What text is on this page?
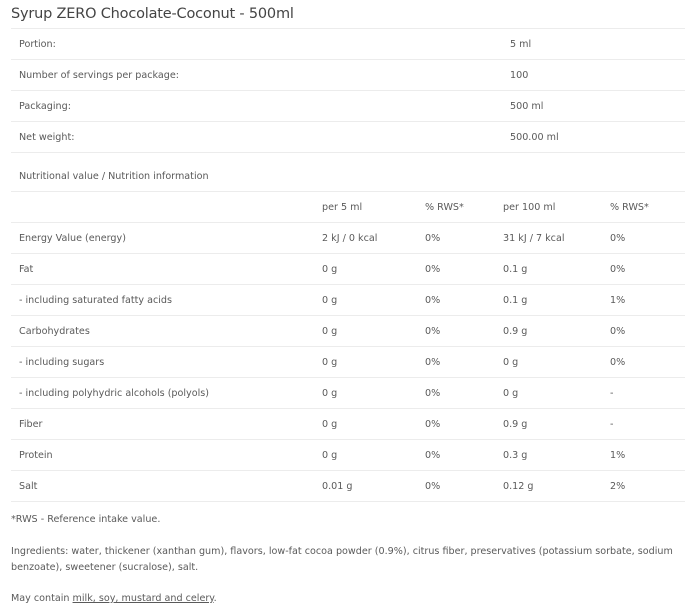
Syrup ZERO Chocolate-Coconut - 500ml
Portion:	5 ml
Number of servings per package:	100
Packaging:	500 ml
Net weight:	500.00 ml
Nutritional value / Nutrition information				
	per 5 ml	% RWS*	per 100 ml	% RWS*
Energy Value (energy)	2 kJ / 0 kcal	0%	31 kJ / 7 kcal	0%
Fat	0 g	0%	0.1 g	0%
- including saturated fatty acids	0 g	0%	0.1 g	1%
Carbohydrates	0 g	0%	0.9 g	0%
- including sugars	0 g	0%	0 g	0%
- including polyhydric alcohols (polyols)	0 g	0%	0 g	-
Fiber	0 g	0%	0.9 g	-
Protein	0 g	0%	0.3 g	1%
Salt	0.01 g	0%	0.12 g	2%
*RWS - Reference intake value.
Ingredients: water, thickener (xanthan gum), flavors, low-fat cocoa powder (0.9%), citrus fiber, preservatives (potassium sorbate, sodium benzoate), sweetener (sucralose), salt.
May contain milk, soy, mustard and celery.
